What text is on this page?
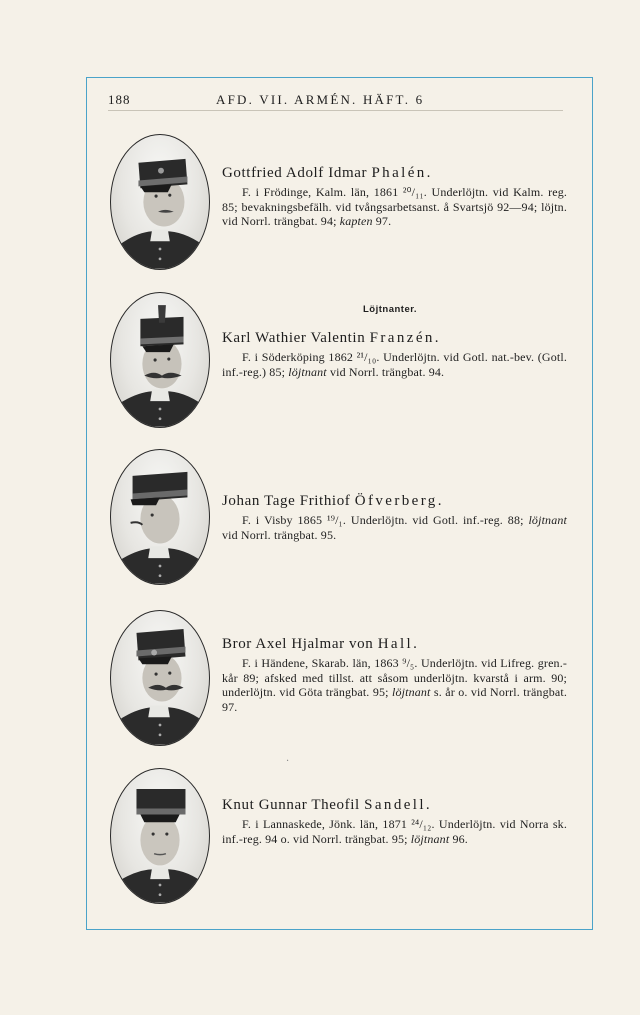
188	AFD. VII. ARMÉN. HÄFT. 6
Löjtnanter.

Gottfried Adolf Idmar Phalén.

F. i Frödinge, Kalm. län, 1861 ²⁰/₁₁. Underlöjtn. vid Kalm. reg. 85; bevakningsbefälh. vid tvångsarbetsanst. å Svartsjö 92—94; löjtn. vid Norrl. trängbat. 94; kapten 97.

Karl Wathier Valentin Franzén.

F. i Söderköping 1862 ²¹/₁₀. Underlöjtn. vid Gotl. nat.-bev. (Gotl. inf.-reg.) 85; löjtnant vid Norrl. trängbat. 94.

Johan Tage Frithiof Öfverberg.

F. i Visby 1865 ¹⁹/₁. Underlöjtn. vid Gotl. inf.-reg. 88; löjtnant vid Norrl. trängbat. 95.

Bror Axel Hjalmar von Hall.

F. i Händene, Skarab. län, 1863 ⁹/₅. Underlöjtn. vid Lifreg. gren.-kår 89; afsked med tillst. att såsom underlöjtn. kvarstå i arm. 90; underlöjtn. vid Göta trängbat. 95; löjtnant s. år o. vid Norrl. trängbat. 97.

Knut Gunnar Theofil Sandell.

F. i Lannaskede, Jönk. län, 1871 ²⁴/₁₂. Underlöjtn. vid Norra sk. inf.-reg. 94 o. vid Norrl. trängbat. 95; löjtnant 96.

·
